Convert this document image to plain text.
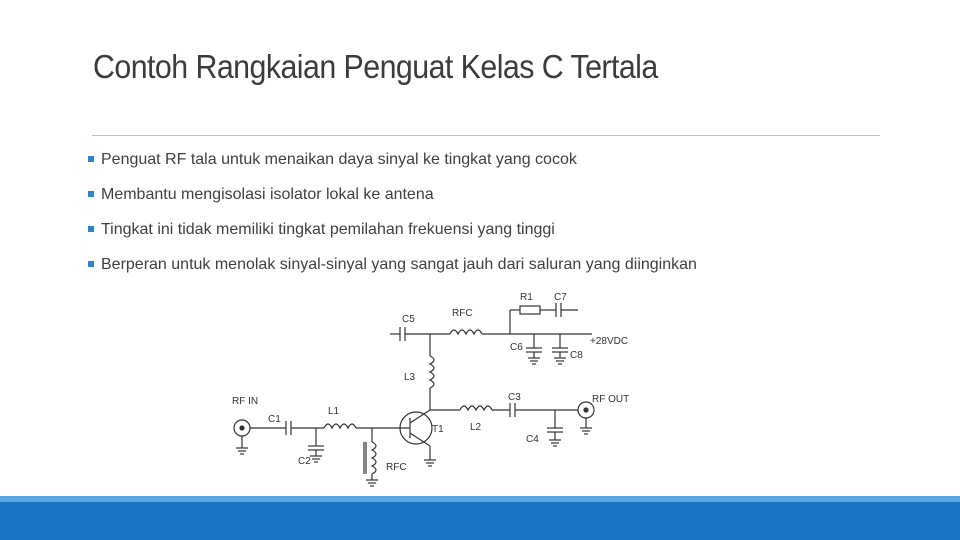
Contoh Rangkaian Penguat Kelas C Tertala
Penguat RF tala untuk menaikan daya sinyal ke tingkat yang cocok
Membantu mengisolasi isolator lokal ke antena
Tingkat ini tidak memiliki tingkat pemilahan frekuensi yang tinggi
Berperan untuk menolak sinyal-sinyal yang sangat jauh dari saluran yang diinginkan
R1 C7
C5
RFC
C6
C8
+28VDC
L3
RF IN
C1
L1
C3	RF OUT
T1	L2
C4
C2
RFC
